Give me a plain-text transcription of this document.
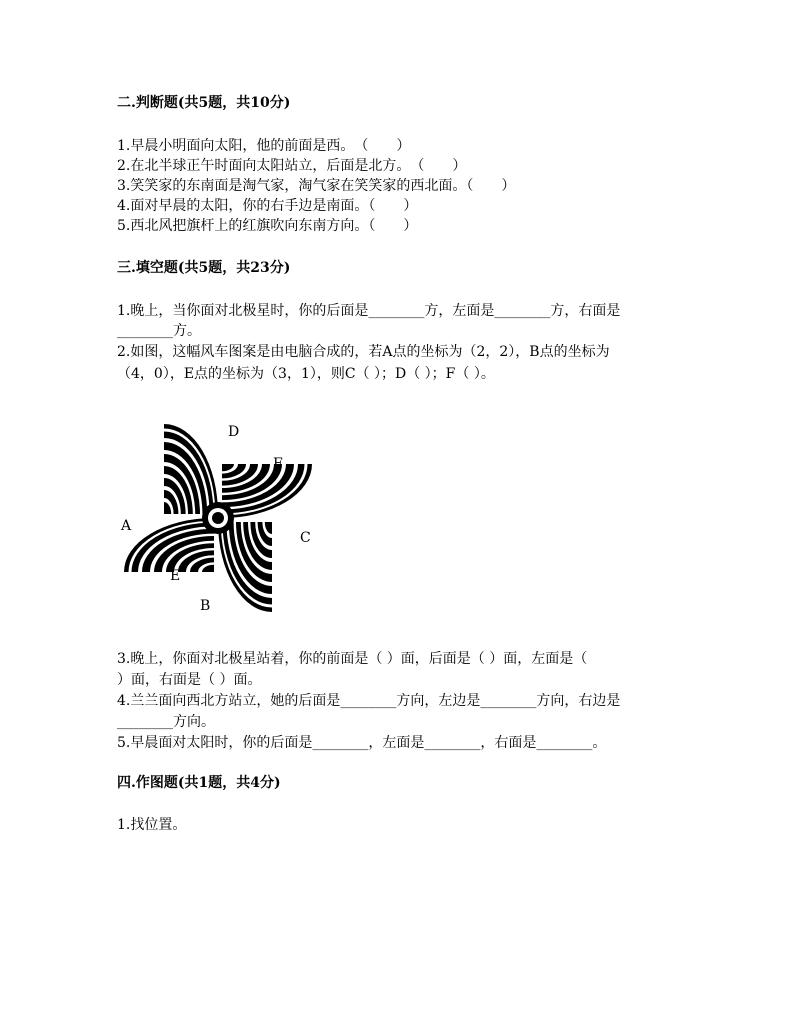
二.判断题(共5题，共10分)
1.早晨小明面向太阳，他的前面是西。　（　　）
2.在北半球正午时面向太阳站立，后面是北方。　（　　）
3.笑笑家的东南面是淘气家，淘气家在笑笑家的西北面。（　　）
4.面对早晨的太阳，你的右手边是南面。（　　）
5.西北风把旗杆上的红旗吹向东南方向。（　　）
三.填空题(共5题，共23分)
1.晚上，当你面对北极星时，你的后面是________方，左面是________方，右面是
________方。
2.如图，这幅风车图案是由电脑合成的，若A点的坐标为（2，2），B点的坐标为
（4，0），E点的坐标为（3，1），则C（ ）；D（ ）；F（ ）。
D
F
A
C
E
B
3.晚上，你面对北极星站着，你的前面是（ ）面，后面是（ ）面，左面是（
）面，右面是（ ）面。
4.兰兰面向西北方站立，她的后面是________方向，左边是________方向，右边是
________方向。
5.早晨面对太阳时，你的后面是________，左面是________，右面是________。
四.作图题(共1题，共4分)
1.找位置。
